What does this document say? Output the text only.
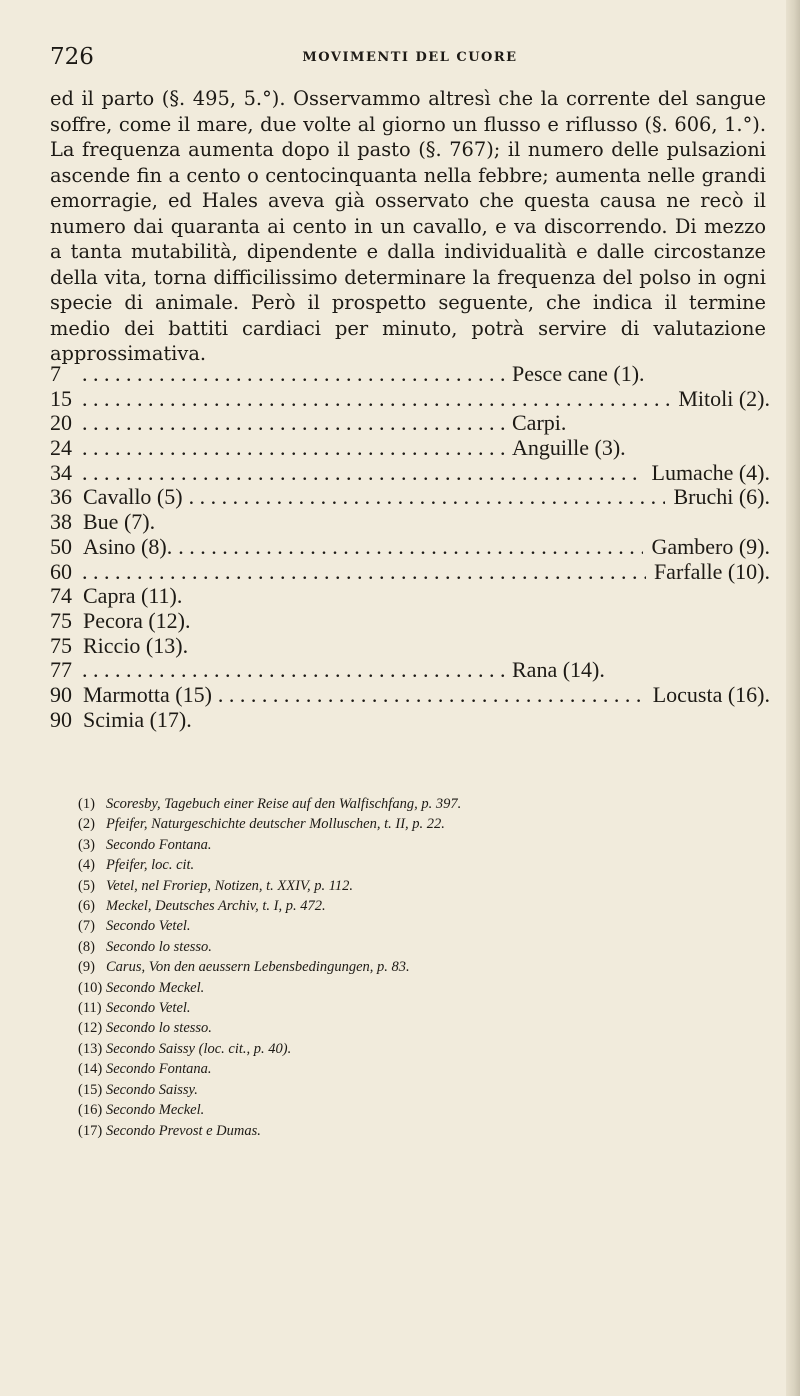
726	MOVIMENTI DEL CUORE

ed il parto (§. 495, 5.°). Osservammo altresì che la corrente del sangue soffre, come il mare, due volte al giorno un flusso e riflusso (§. 606, 1.°). La frequenza aumenta dopo il pasto (§. 767); il numero delle pulsazioni ascende fin a cento o centocinquanta nella febbre; aumenta nelle grandi emorragie, ed Hales aveva già osservato che questa causa ne recò il numero dai quaranta ai cento in un cavallo, e va discorrendo. Di mezzo a tanta mutabilità, dipendente e dalla individualità e dalle circostanze della vita, torna difficilissimo determinare la frequenza del polso in ogni specie di animale. Però il prospetto seguente, che indica il termine medio dei battiti cardiaci per minuto, potrà servire di valutazione approssimativa.

7	Pesce cane (1).
. . .
15	Mitoli (2).
. . .
20	Carpi.
. . .
24	Anguille (3).
. . .
34	Lumache (4).
. . .
36 Cavallo (5)	Bruchi (6).
. . .
38 Bue (7).
50 Asino (8).	Gambero (9).
. . .
60	Farfalle (10).
. . .
74 Capra (11).
75 Pecora (12).
75 Riccio (13).
77	Rana (14).
. . .
90 Marmotta (15)	Locusta (16).
. . .
90 Scimia (17).
(1) Scoresby, Tagebuch einer Reise auf den Walfischfang, p. 397.
(2) Pfeifer, Naturgeschichte deutscher Molluschen, t. II, p. 22.
(3) Secondo Fontana.
(4) Pfeifer, loc. cit.
(5) Vetel, nel Froriep, Notizen, t. XXIV, p. 112.
(6) Meckel, Deutsches Archiv, t. I, p. 472.
(7) Secondo Vetel.
(8) Secondo lo stesso.
(9) Carus, Von den aeussern Lebensbedingungen, p. 83.
(10) Secondo Meckel.
(11) Secondo Vetel.
(12) Secondo lo stesso.
(13) Secondo Saissy (loc. cit., p. 40).
(14) Secondo Fontana.
(15) Secondo Saissy.
(16) Secondo Meckel.
(17) Secondo Prevost e Dumas.
